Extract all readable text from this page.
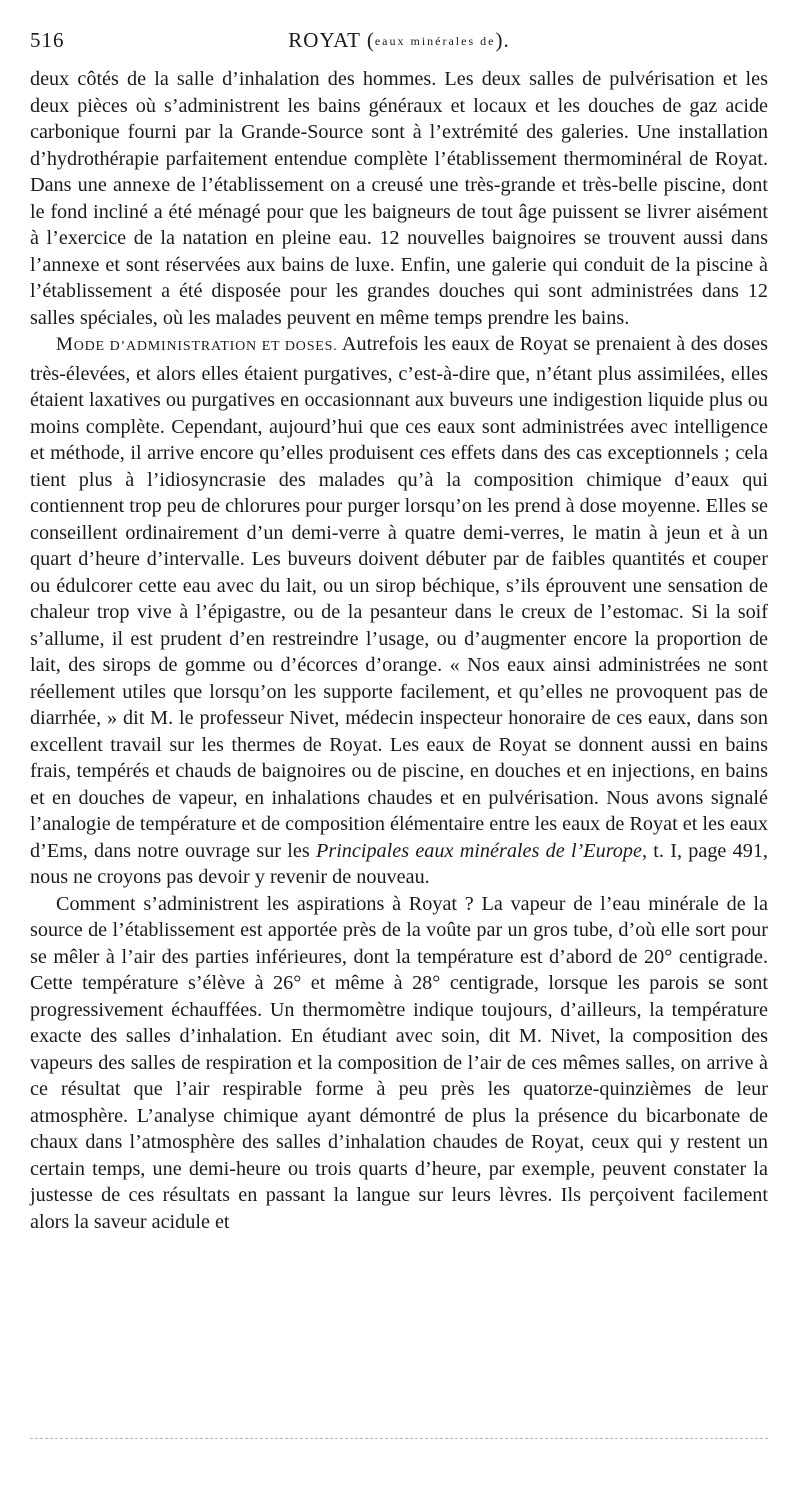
516	ROYAT (eaux minérales de).

deux côtés de la salle d’inhalation des hommes. Les deux salles de pulvérisation et les deux pièces où s’administrent les bains généraux et locaux et les douches de gaz acide carbonique fourni par la Grande-Source sont à l’extrémité des galeries. Une installation d’hydrothérapie parfaitement entendue complète l’établissement thermominéral de Royat. Dans une annexe de l’établissement on a creusé une très-grande et très-belle piscine, dont le fond incliné a été ménagé pour que les baigneurs de tout âge puissent se livrer aisément à l’exercice de la natation en pleine eau. 12 nouvelles baignoires se trouvent aussi dans l’annexe et sont réservées aux bains de luxe. Enfin, une galerie qui conduit de la piscine à l’établissement a été disposée pour les grandes douches qui sont administrées dans 12 salles spéciales, où les malades peuvent en même temps prendre les bains.

MODE D’ADMINISTRATION ET DOSES. Autrefois les eaux de Royat se prenaient à des doses très-élevées, et alors elles étaient purgatives, c’est-à-dire que, n’étant plus assimilées, elles étaient laxatives ou purgatives en occasionnant aux buveurs une indigestion liquide plus ou moins complète. Cependant, aujourd’hui que ces eaux sont administrées avec intelligence et méthode, il arrive encore qu’elles produisent ces effets dans des cas exceptionnels ; cela tient plus à l’idiosyncrasie des malades qu’à la composition chimique d’eaux qui contiennent trop peu de chlorures pour purger lorsqu’on les prend à dose moyenne. Elles se conseillent ordinairement d’un demi-verre à quatre demi-verres, le matin à jeun et à un quart d’heure d’intervalle. Les buveurs doivent débuter par de faibles quantités et couper ou édulcorer cette eau avec du lait, ou un sirop béchique, s’ils éprouvent une sensation de chaleur trop vive à l’épigastre, ou de la pesanteur dans le creux de l’estomac. Si la soif s’allume, il est prudent d’en restreindre l’usage, ou d’augmenter encore la proportion de lait, des sirops de gomme ou d’écorces d’orange. « Nos eaux ainsi administrées ne sont réellement utiles que lorsqu’on les supporte facilement, et qu’elles ne provoquent pas de diarrhée, » dit M. le professeur Nivet, médecin inspecteur honoraire de ces eaux, dans son excellent travail sur les thermes de Royat. Les eaux de Royat se donnent aussi en bains frais, tempérés et chauds de baignoires ou de piscine, en douches et en injections, en bains et en douches de vapeur, en inhalations chaudes et en pulvérisation. Nous avons signalé l’analogie de température et de composition élémentaire entre les eaux de Royat et les eaux d’Ems, dans notre ouvrage sur les Principales eaux minérales de l’Europe, t. I, page 491, nous ne croyons pas devoir y revenir de nouveau.

Comment s’administrent les aspirations à Royat ? La vapeur de l’eau minérale de la source de l’établissement est apportée près de la voûte par un gros tube, d’où elle sort pour se mêler à l’air des parties inférieures, dont la température est d’abord de 20° centigrade. Cette température s’élève à 26° et même à 28° centigrade, lorsque les parois se sont progressivement échauffées. Un thermomètre indique toujours, d’ailleurs, la température exacte des salles d’inhalation. En étudiant avec soin, dit M. Nivet, la composition des vapeurs des salles de respiration et la composition de l’air de ces mêmes salles, on arrive à ce résultat que l’air respirable forme à peu près les quatorze-quinzièmes de leur atmosphère. L’analyse chimique ayant démontré de plus la présence du bicarbonate de chaux dans l’atmosphère des salles d’inhalation chaudes de Royat, ceux qui y restent un certain temps, une demi-heure ou trois quarts d’heure, par exemple, peuvent constater la justesse de ces résultats en passant la langue sur leurs lèvres. Ils perçoivent facilement alors la saveur acidule et
